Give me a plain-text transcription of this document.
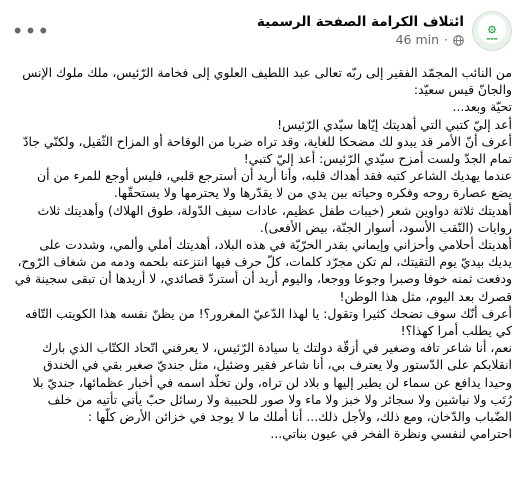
۞
▬▬▬
ائتلاف الكرامة الصفحة الرسمية
46 min ·
•••

من النائب المجمّد الفقير إلى ربّه تعالى عبد اللطيف العلوي إلى فخامة الرّئيس، ملك ملوك الإنس والجانّ قيس سعيّد:

تحيّة وبعد...

أعد إليّ كتبي التي أهديتك إيّاها سيّدي الرّئيس!

أعرف أنّ الأمر قد يبدو لك مضحكا للغاية، وقد تراه ضربا من الوقاحة أو المزاح الثّقيل، ولكنّي جادّ تمام الجدّ ولست أمزح سيّدي الرّئيس: أعد إليّ كتبي!

عندما يهديك الشاعر كتبه فقد أهداك قلبه، وأنا أريد أن أسترجع قلبي، فليس أوجع للمرء من أن يضع عصارة روحه وفكره وحياته بين يدي من لا يقدّرها ولا يحترمها ولا يستحقّها.

أهديتك ثلاثة دواوين شعر (خيبات طفل عظيم، عادات سيف الدّولة، طوق الهلاك) وأهديتك ثلاث روايات (النّقب الأسود، أسوار الجنّة، بيض الأفعى).

أهديتك أحلامي وأحزاني وإيماني بقدر الحرّيّة في هذه البلاد، أهديتك أملي وألمي، وشددت على يديك بيديّ يوم التقيتك، لم تكن مجرّد كلمات، كلّ حرف فيها انتزعته بلحمه ودمه من شغاف الرّوح، ودفعت ثمنه خوفا وصبرا وجوعا ووجعا، واليوم أريد أن أستردّ قصائدي، لا أريدها أن تبقى سجينة في قصرك بعد اليوم، مثل هذا الوطن!

أعرف أنّك سوف تضحك كثيرا وتقول: يا لهذا الدّعيّ المغرور؟! من يظنّ نفسه هذا الكويتب التّافه كي يطلب أمرا كهذا؟!

نعم، أنا شاعر تافه وصغير في أزقّة دولتك يا سيادة الرّئيس، لا يعرفني اتّحاد الكتّاب الذي بارك انقلابكم على الدّستور ولا يعترف بي، أنا شاعر فقير وضئيل، مثل جنديّ صغير بقي في الخندق وحيدا يدافع عن سماء لن يطير إليها و بلاد لن تراه، ولن تخلّد اسمه في أخبار عظمائها، جنديّ بلا رُتَب ولا نياشين ولا سجائر ولا خبز ولا ماء ولا صور للحبيبة ولا رسائل حبّ يأتي تأتيه من خلف الضّباب والدّخان، ومع ذلك، ولأجل ذلك... أنا أملك ما لا يوجد في خزائن الأرض كلّها :

احترامي لنفسي ونظرة الفخر في عيون بناتي...
